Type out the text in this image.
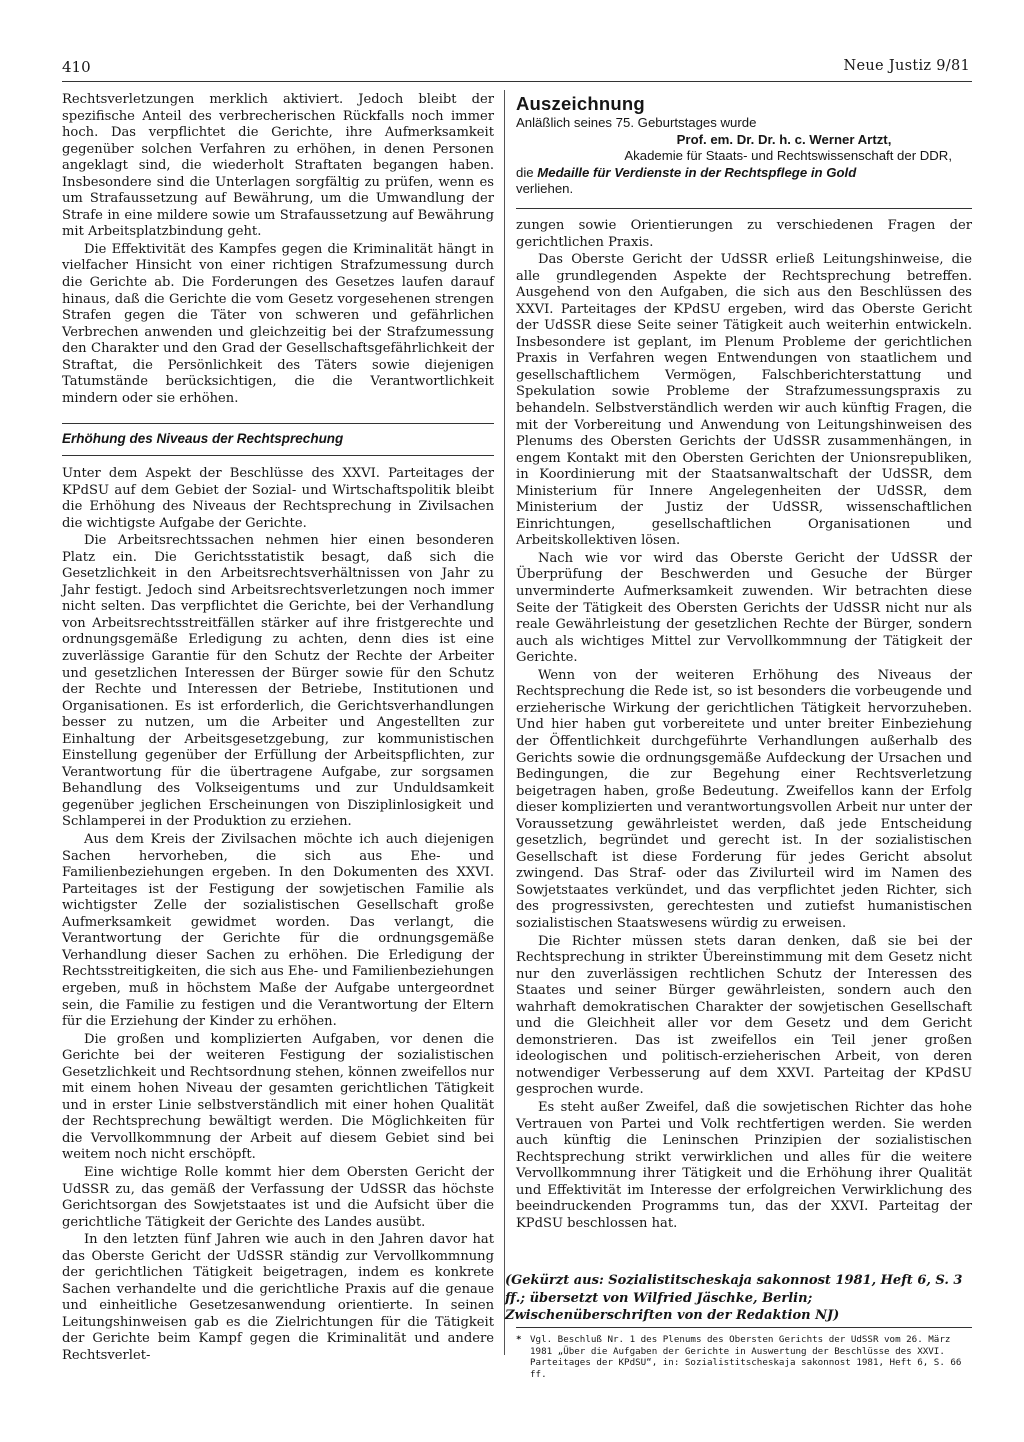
410	Neue Justiz 9/81

Rechtsverletzungen merklich aktiviert. Jedoch bleibt der spezifische Anteil des verbrecherischen Rückfalls noch immer hoch. Das verpflichtet die Gerichte, ihre Aufmerksamkeit gegenüber solchen Verfahren zu erhöhen, in denen Personen angeklagt sind, die wiederholt Straftaten begangen haben. Insbesondere sind die Unterlagen sorgfältig zu prüfen, wenn es um Strafaussetzung auf Bewährung, um die Umwandlung der Strafe in eine mildere sowie um Strafaussetzung auf Bewährung mit Arbeitsplatzbindung geht.

Die Effektivität des Kampfes gegen die Kriminalität hängt in vielfacher Hinsicht von einer richtigen Strafzumessung durch die Gerichte ab. Die Forderungen des Gesetzes laufen darauf hinaus, daß die Gerichte die vom Gesetz vorgesehenen strengen Strafen gegen die Täter von schweren und gefährlichen Verbrechen anwenden und gleichzeitig bei der Strafzumessung den Charakter und den Grad der Gesellschaftsgefährlichkeit der Straftat, die Persönlichkeit des Täters sowie diejenigen Tatumstände berücksichtigen, die die Verantwortlichkeit mindern oder sie erhöhen.

Erhöhung des Niveaus der Rechtsprechung

Unter dem Aspekt der Beschlüsse des XXVI. Parteitages der KPdSU auf dem Gebiet der Sozial- und Wirtschaftspolitik bleibt die Erhöhung des Niveaus der Rechtsprechung in Zivilsachen die wichtigste Aufgabe der Gerichte.

Die Arbeitsrechtssachen nehmen hier einen besonderen Platz ein. Die Gerichtsstatistik besagt, daß sich die Gesetzlichkeit in den Arbeitsrechtsverhältnissen von Jahr zu Jahr festigt. Jedoch sind Arbeitsrechtsverletzungen noch immer nicht selten. Das verpflichtet die Gerichte, bei der Verhandlung von Arbeitsrechtsstreitfällen stärker auf ihre fristgerechte und ordnungsgemäße Erledigung zu achten, denn dies ist eine zuverlässige Garantie für den Schutz der Rechte der Arbeiter und gesetzlichen Interessen der Bürger sowie für den Schutz der Rechte und Interessen der Betriebe, Institutionen und Organisationen. Es ist erforderlich, die Gerichtsverhandlungen besser zu nutzen, um die Arbeiter und Angestellten zur Einhaltung der Arbeitsgesetzgebung, zur kommunistischen Einstellung gegenüber der Erfüllung der Arbeitspflichten, zur Verantwortung für die übertragene Aufgabe, zur sorgsamen Behandlung des Volkseigentums und zur Unduldsamkeit gegenüber jeglichen Erscheinungen von Disziplinlosigkeit und Schlamperei in der Produktion zu erziehen.

Aus dem Kreis der Zivilsachen möchte ich auch diejenigen Sachen hervorheben, die sich aus Ehe- und Familienbeziehungen ergeben. In den Dokumenten des XXVI. Parteitages ist der Festigung der sowjetischen Familie als wichtigster Zelle der sozialistischen Gesellschaft große Aufmerksamkeit gewidmet worden. Das verlangt, die Verantwortung der Gerichte für die ordnungsgemäße Verhandlung dieser Sachen zu erhöhen. Die Erledigung der Rechtsstreitigkeiten, die sich aus Ehe- und Familienbeziehungen ergeben, muß in höchstem Maße der Aufgabe untergeordnet sein, die Familie zu festigen und die Verantwortung der Eltern für die Erziehung der Kinder zu erhöhen.

Die großen und komplizierten Aufgaben, vor denen die Gerichte bei der weiteren Festigung der sozialistischen Gesetzlichkeit und Rechtsordnung stehen, können zweifellos nur mit einem hohen Niveau der gesamten gerichtlichen Tätigkeit und in erster Linie selbstverständlich mit einer hohen Qualität der Rechtsprechung bewältigt werden. Die Möglichkeiten für die Vervollkommnung der Arbeit auf diesem Gebiet sind bei weitem noch nicht erschöpft.

Eine wichtige Rolle kommt hier dem Obersten Gericht der UdSSR zu, das gemäß der Verfassung der UdSSR das höchste Gerichtsorgan des Sowjetstaates ist und die Aufsicht über die gerichtliche Tätigkeit der Gerichte des Landes ausübt.

In den letzten fünf Jahren wie auch in den Jahren davor hat das Oberste Gericht der UdSSR ständig zur Vervollkommnung der gerichtlichen Tätigkeit beigetragen, indem es konkrete Sachen verhandelte und die gerichtliche Praxis auf die genaue und einheitliche Gesetzesanwendung orientierte. In seinen Leitungshinweisen gab es die Zielrichtungen für die Tätigkeit der Gerichte beim Kampf gegen die Kriminalität und andere Rechtsverlet-

Auszeichnung
Anläßlich seines 75. Geburtstages wurde
Prof. em. Dr. Dr. h. c. Werner Artzt,
Akademie für Staats- und Rechtswissenschaft der DDR,
die Medaille für Verdienste in der Rechtspflege in Gold
verliehen.

zungen sowie Orientierungen zu verschiedenen Fragen der gerichtlichen Praxis.

Das Oberste Gericht der UdSSR erließ Leitungshinweise, die alle grundlegenden Aspekte der Rechtsprechung betreffen. Ausgehend von den Aufgaben, die sich aus den Beschlüssen des XXVI. Parteitages der KPdSU ergeben, wird das Oberste Gericht der UdSSR diese Seite seiner Tätigkeit auch weiterhin entwickeln. Insbesondere ist geplant, im Plenum Probleme der gerichtlichen Praxis in Verfahren wegen Entwendungen von staatlichem und gesellschaftlichem Vermögen, Falschberichterstattung und Spekulation sowie Probleme der Strafzumessungspraxis zu behandeln. Selbstverständlich werden wir auch künftig Fragen, die mit der Vorbereitung und Anwendung von Leitungshinweisen des Plenums des Obersten Gerichts der UdSSR zusammenhängen, in engem Kontakt mit den Obersten Gerichten der Unionsrepubliken, in Koordinierung mit der Staatsanwaltschaft der UdSSR, dem Ministerium für Innere Angelegenheiten der UdSSR, dem Ministerium der Justiz der UdSSR, wissenschaftlichen Einrichtungen, gesellschaftlichen Organisationen und Arbeitskollektiven lösen.

Nach wie vor wird das Oberste Gericht der UdSSR der Überprüfung der Beschwerden und Gesuche der Bürger unverminderte Aufmerksamkeit zuwenden. Wir betrachten diese Seite der Tätigkeit des Obersten Gerichts der UdSSR nicht nur als reale Gewährleistung der gesetzlichen Rechte der Bürger, sondern auch als wichtiges Mittel zur Vervollkommnung der Tätigkeit der Gerichte.

Wenn von der weiteren Erhöhung des Niveaus der Rechtsprechung die Rede ist, so ist besonders die vorbeugende und erzieherische Wirkung der gerichtlichen Tätigkeit hervorzuheben. Und hier haben gut vorbereitete und unter breiter Einbeziehung der Öffentlichkeit durchgeführte Verhandlungen außerhalb des Gerichts sowie die ordnungsgemäße Aufdeckung der Ursachen und Bedingungen, die zur Begehung einer Rechtsverletzung beigetragen haben, große Bedeutung. Zweifellos kann der Erfolg dieser komplizierten und verantwortungsvollen Arbeit nur unter der Voraussetzung gewährleistet werden, daß jede Entscheidung gesetzlich, begründet und gerecht ist. In der sozialistischen Gesellschaft ist diese Forderung für jedes Gericht absolut zwingend. Das Straf- oder das Zivilurteil wird im Namen des Sowjetstaates verkündet, und das verpflichtet jeden Richter, sich des progressivsten, gerechtesten und zutiefst humanistischen sozialistischen Staatswesens würdig zu erweisen.

Die Richter müssen stets daran denken, daß sie bei der Rechtsprechung in strikter Übereinstimmung mit dem Gesetz nicht nur den zuverlässigen rechtlichen Schutz der Interessen des Staates und seiner Bürger gewährleisten, sondern auch den wahrhaft demokratischen Charakter der sowjetischen Gesellschaft und die Gleichheit aller vor dem Gesetz und dem Gericht demonstrieren. Das ist zweifellos ein Teil jener großen ideologischen und politisch-erzieherischen Arbeit, von deren notwendiger Verbesserung auf dem XXVI. Parteitag der KPdSU gesprochen wurde.

Es steht außer Zweifel, daß die sowjetischen Richter das hohe Vertrauen von Partei und Volk rechtfertigen werden. Sie werden auch künftig die Leninschen Prinzipien der sozialistischen Rechtsprechung strikt verwirklichen und alles für die weitere Vervollkommnung ihrer Tätigkeit und die Erhöhung ihrer Qualität und Effektivität im Interesse der erfolgreichen Verwirklichung des beeindruckenden Programms tun, das der XXVI. Parteitag der KPdSU beschlossen hat.

(Gekürzt aus: Sozialistitscheskaja sakonnost 1981, Heft 6, S. 3 ff.; übersetzt von Wilfried Jäschke, Berlin; Zwischenüberschriften von der Redaktion NJ)
* Vgl. Beschluß Nr. 1 des Plenums des Obersten Gerichts der UdSSR vom 26. März 1981 „Über die Aufgaben der Gerichte in Auswertung der Beschlüsse des XXVI. Parteitages der KPdSU“, in: Sozialistitscheskaja sakonnost 1981, Heft 6, S. 66 ff.
